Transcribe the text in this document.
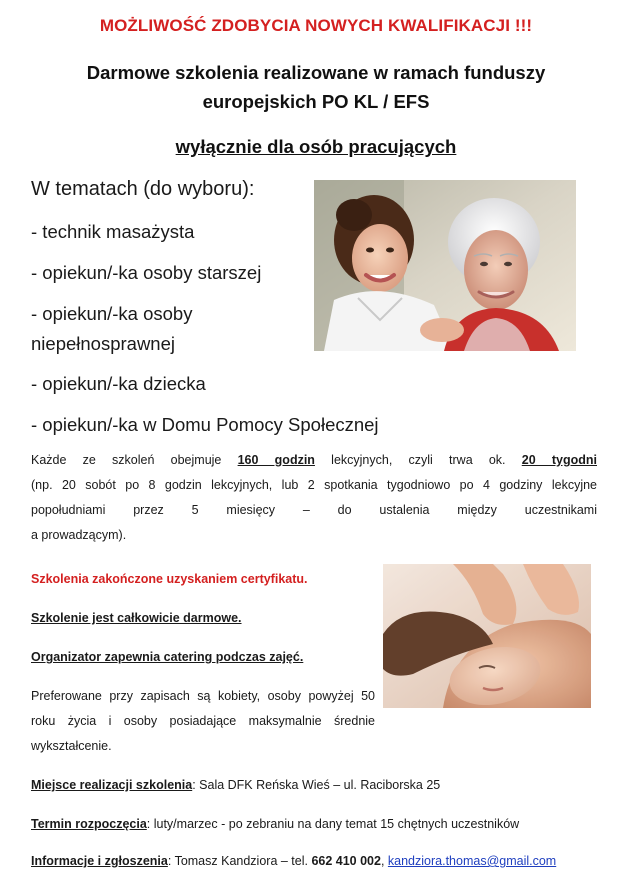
MOŻLIWOŚĆ ZDOBYCIA NOWYCH KWALIFIKACJI !!!
Darmowe szkolenia realizowane w ramach funduszy
europejskich PO KL / EFS
wyłącznie dla osób pracujących
W tematach (do wyboru):
- technik masażysta
- opiekun/-ka osoby starszej
- opiekun/-ka osoby
niepełnosprawnej
- opiekun/-ka dziecka
- opiekun/-ka w Domu Pomocy Społecznej
Każde ze szkoleń obejmuje 160 godzin lekcyjnych, czyli trwa ok. 20 tygodni
(np. 20 sobót po 8 godzin lekcyjnych, lub 2 spotkania tygodniowo po 4 godziny lekcyjne
popołudniami przez 5 miesięcy – do ustalenia między uczestnikami
a prowadzącym).
Szkolenia zakończone uzyskaniem certyfikatu.
Szkolenie jest całkowicie darmowe.
Organizator zapewnia catering podczas zajęć.
Preferowane przy zapisach są kobiety, osoby powyżej 50
roku życia i osoby posiadające maksymalnie średnie
wykształcenie.
Miejsce realizacji szkolenia: Sala DFK Reńska Wieś – ul. Raciborska 25
Termin rozpoczęcia: luty/marzec - po zebraniu na dany temat 15 chętnych uczestników
Informacje i zgłoszenia: Tomasz Kandziora – tel. 662 410 002, kandziora.thomas@gmail.com
